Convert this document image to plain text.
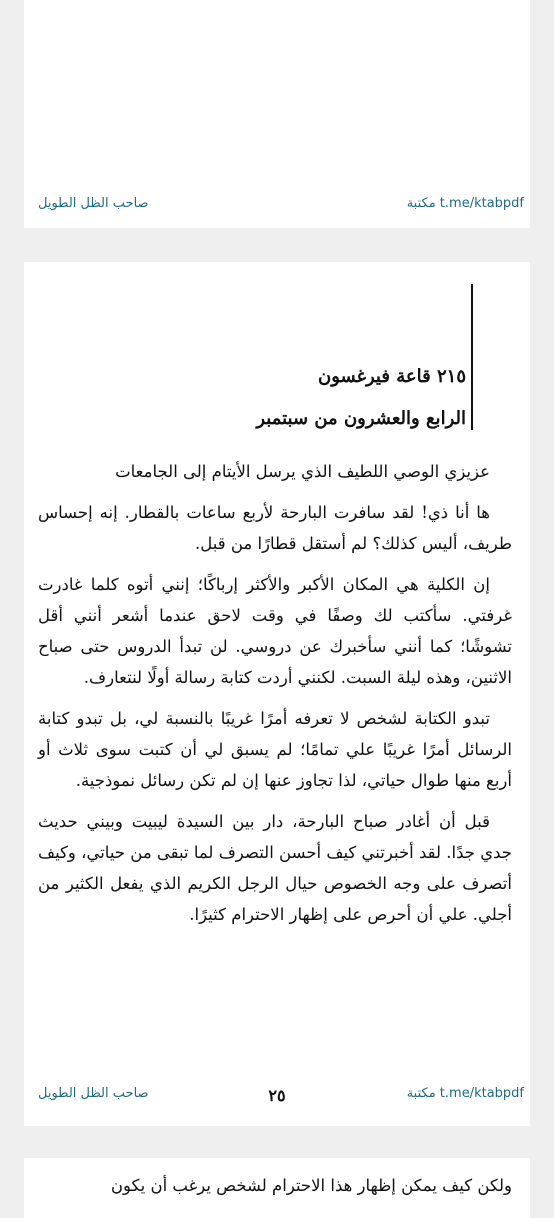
صاحب الظل الطويل	مكتبة t.me/ktabpdf
٢١٥ قاعة فيرغسون
الرابع والعشرون من سبتمبر

عزيزي الوصي اللطيف الذي يرسل الأيتام إلى الجامعات

ها أنا ذي! لقد سافرت البارحة لأربع ساعات بالقطار. إنه إحساس طريف، أليس كذلك؟ لم أستقل قطارًا من قبل.

إن الكلية هي المكان الأكبر والأكثر إرباكًا؛ إنني أتوه كلما غادرت غرفتي. سأكتب لك وصفًا في وقت لاحق عندما أشعر أنني أقل تشوشًا؛ كما أنني سأخبرك عن دروسي. لن تبدأ الدروس حتى صباح الاثنين، وهذه ليلة السبت. لكنني أردت كتابة رسالة أولًا لنتعارف.

تبدو الكتابة لشخص لا تعرفه أمرًا غريبًا بالنسبة لي، بل تبدو كتابة الرسائل أمرًا غريبًا علي تمامًا؛ لم يسبق لي أن كتبت سوى ثلاث أو أربع منها طوال حياتي، لذا تجاوز عنها إن لم تكن رسائل نموذجية.

قبل أن أغادر صباح البارحة، دار بين السيدة ليبيت وبيني حديث جدي جدًا. لقد أخبرتني كيف أحسن التصرف لما تبقى من حياتي، وكيف أتصرف على وجه الخصوص حيال الرجل الكريم الذي يفعل الكثير من أجلي. علي أن أحرص على إظهار الاحترام كثيرًا.

صاحب الظل الطويل	٢٥	مكتبة t.me/ktabpdf
ولكن كيف يمكن إظهار هذا الاحترام لشخص يرغب أن يكون
